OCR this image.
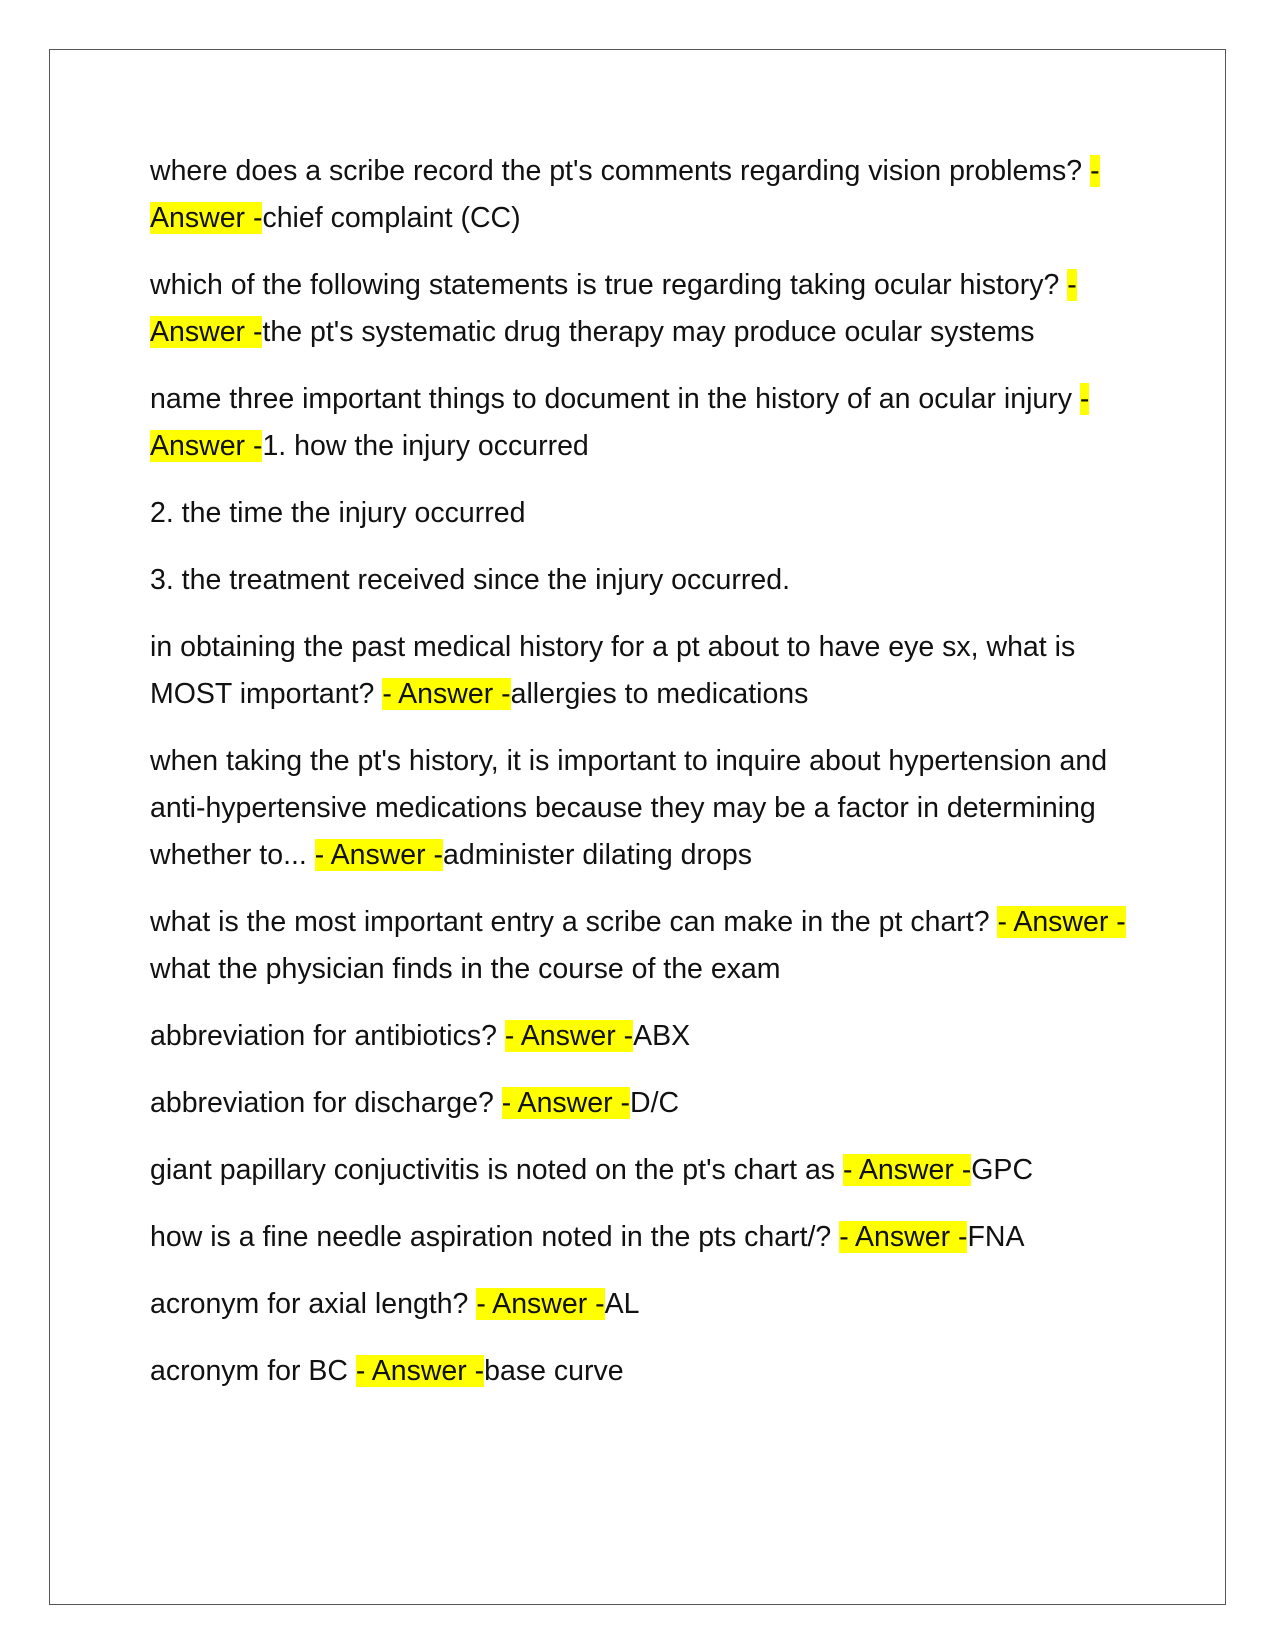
where does a scribe record the pt's comments regarding vision problems? - Answer -chief complaint (CC)

which of the following statements is true regarding taking ocular history? - Answer -the pt's systematic drug therapy may produce ocular systems

name three important things to document in the history of an ocular injury - Answer -1. how the injury occurred

2. the time the injury occurred

3. the treatment received since the injury occurred.

in obtaining the past medical history for a pt about to have eye sx, what is MOST important? - Answer -allergies to medications

when taking the pt's history, it is important to inquire about hypertension and anti-hypertensive medications because they may be a factor in determining whether to... - Answer -administer dilating drops

what is the most important entry a scribe can make in the pt chart? - Answer -what the physician finds in the course of the exam

abbreviation for antibiotics? - Answer -ABX

abbreviation for discharge? - Answer -D/C

giant papillary conjuctivitis is noted on the pt's chart as - Answer -GPC

how is a fine needle aspiration noted in the pts chart/? - Answer -FNA

acronym for axial length? - Answer -AL

acronym for BC - Answer -base curve
